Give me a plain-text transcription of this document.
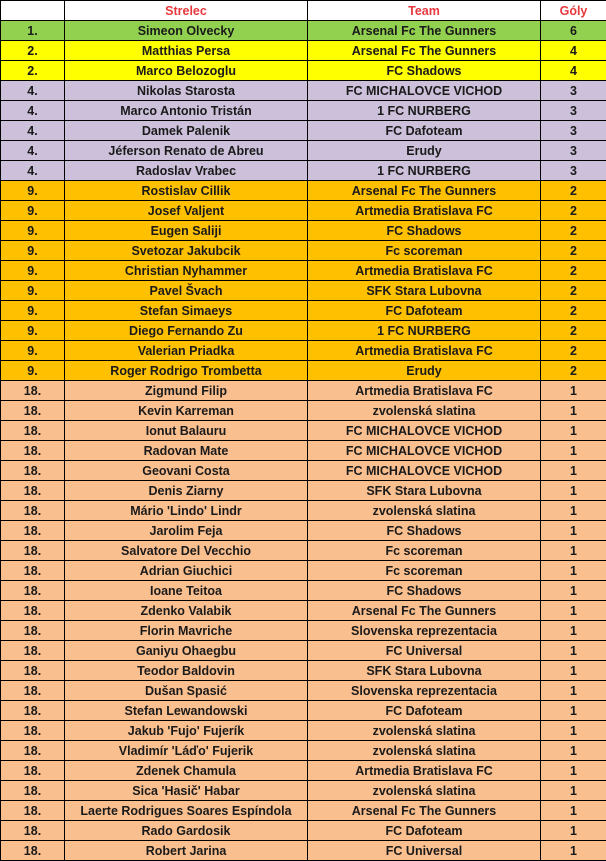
	Strelec	Team	Góly
1.	Simeon Olvecky	Arsenal Fc The Gunners	6
2.	Matthias Persa	Arsenal Fc The Gunners	4
2.	Marco Belozoglu	FC Shadows	4
4.	Nikolas Starosta	FC MICHALOVCE VICHOD	3
4.	Marco Antonio Tristán	1 FC NURBERG	3
4.	Damek Palenik	FC Dafoteam	3
4.	Jéferson Renato de Abreu	Erudy	3
4.	Radoslav Vrabec	1 FC NURBERG	3
9.	Rostislav Cillik	Arsenal Fc The Gunners	2
9.	Josef Valjent	Artmedia Bratislava FC	2
9.	Eugen Saliji	FC Shadows	2
9.	Svetozar Jakubcik	Fc scoreman	2
9.	Christian Nyhammer	Artmedia Bratislava FC	2
9.	Pavel Švach	SFK Stara Lubovna	2
9.	Stefan Simaeys	FC Dafoteam	2
9.	Diego Fernando Zu	1 FC NURBERG	2
9.	Valerian Priadka	Artmedia Bratislava FC	2
9.	Roger Rodrigo Trombetta	Erudy	2
18.	Zigmund Filip	Artmedia Bratislava FC	1
18.	Kevin Karreman	zvolenská slatina	1
18.	Ionut Balauru	FC MICHALOVCE VICHOD	1
18.	Radovan Mate	FC MICHALOVCE VICHOD	1
18.	Geovani Costa	FC MICHALOVCE VICHOD	1
18.	Denis Ziarny	SFK Stara Lubovna	1
18.	Mário 'Lindo' Lindr	zvolenská slatina	1
18.	Jarolim Feja	FC Shadows	1
18.	Salvatore Del Vecchio	Fc scoreman	1
18.	Adrian Giuchici	Fc scoreman	1
18.	Ioane Teitoa	FC Shadows	1
18.	Zdenko Valabik	Arsenal Fc The Gunners	1
18.	Florin Mavriche	Slovenska reprezentacia	1
18.	Ganiyu Ohaegbu	FC Universal	1
18.	Teodor Baldovin	SFK Stara Lubovna	1
18.	Dušan Spasić	Slovenska reprezentacia	1
18.	Stefan Lewandowski	FC Dafoteam	1
18.	Jakub 'Fujo' Fujerík	zvolenská slatina	1
18.	Vladimír 'Láďo' Fujerik	zvolenská slatina	1
18.	Zdenek Chamula	Artmedia Bratislava FC	1
18.	Sica 'Hasič' Habar	zvolenská slatina	1
18.	Laerte Rodrigues Soares Espíndola	Arsenal Fc The Gunners	1
18.	Rado Gardosik	FC Dafoteam	1
18.	Robert Jarina	FC Universal	1
